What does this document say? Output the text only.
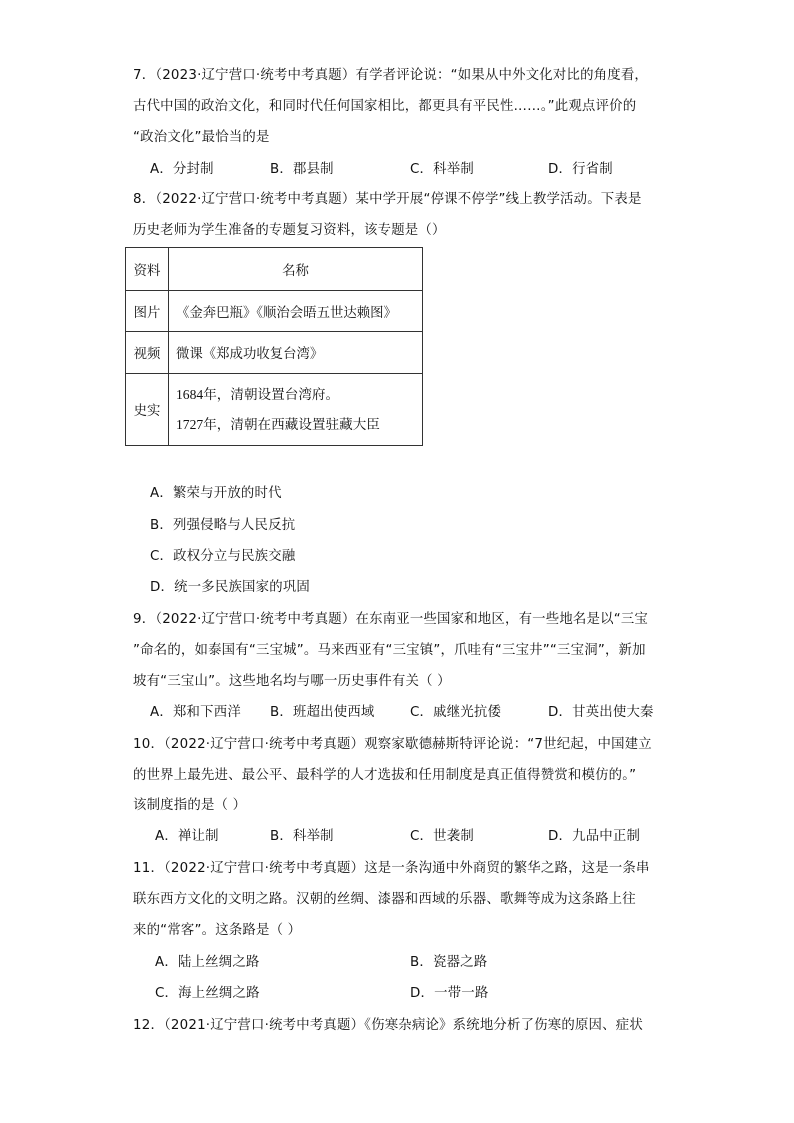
7．（2023·辽宁营口·统考中考真题）有学者评论说：“如果从中外文化对比的角度看，
古代中国的政治文化，和同时代任何国家相比，都更具有平民性……。”此观点评价的
“政治文化”最恰当的是
A．分封制	B．郡县制	C．科举制	D．行省制
8．（2022·辽宁营口·统考中考真题）某中学开展“停课不停学”线上教学活动。下表是
历史老师为学生准备的专题复习资料，该专题是（）
资料	名称
图片	《金奔巴瓶》《顺治会晤五世达赖图》
视频	微课《郑成功收复台湾》
史实	1684年，清朝设置台湾府。
1727年，清朝在西藏设置驻藏大臣
A．繁荣与开放的时代
B．列强侵略与人民反抗
C．政权分立与民族交融
D．统一多民族国家的巩固
9．（2022·辽宁营口·统考中考真题）在东南亚一些国家和地区，有一些地名是以“三宝
”命名的，如泰国有“三宝城”。马来西亚有“三宝镇”，爪哇有“三宝井”“三宝洞”，新加
坡有“三宝山”。这些地名均与哪一历史事件有关（ ）
A．郑和下西洋 B．班超出使西域	C．戚继光抗倭	D．甘英出使大秦
10．（2022·辽宁营口·统考中考真题）观察家歇德赫斯特评论说：“7世纪起，中国建立
的世界上最先进、最公平、最科学的人才选拔和任用制度是真正值得赞赏和模仿的。”
该制度指的是（ ）
A．禅让制	B．科举制	C．世袭制	D．九品中正制
11．（2022·辽宁营口·统考中考真题）这是一条沟通中外商贸的繁华之路，这是一条串
联东西方文化的文明之路。汉朝的丝绸、漆器和西域的乐器、歌舞等成为这条路上往
来的“常客”。这条路是（ ）
A．陆上丝绸之路	B．瓷器之路
C．海上丝绸之路	D．一带一路
12．（2021·辽宁营口·统考中考真题）《伤寒杂病论》系统地分析了伤寒的原因、症状
